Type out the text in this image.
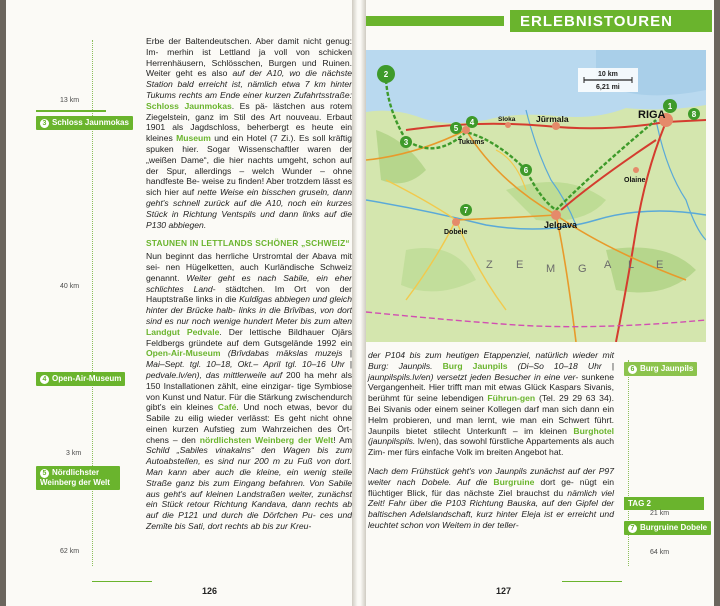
13 km
3 Schloss Jaunmokas
40 km
4 Open-Air-Museum
3 km
5 Nördlichster Weinberg der Welt
62 km

Erbe der Baltendeutschen. Aber damit nicht genug: Im- merhin ist Lettland ja voll von schicken Herrenhäusern, Schlösschen, Burgen und Ruinen. Weiter geht es also auf der A10, wo die nächste Station bald erreicht ist, nämlich etwa 7 km hinter Tukums rechts am Ende einer kurzen Zufahrtsstraße: Schloss Jaunmokas. Es pä- lästchen aus rotem Ziegelstein, ganz im Stil des Art nouveau. Erbaut 1901 als Jagdschloss, beherbergt es heute ein kleines Museum und ein Hotel (7 Zi.). Es soll kräftig spuken hier. Sogar Wissenschaftler waren der „weißen Dame“, die hier nachts umgeht, schon auf der Spur, allerdings – welch Wunder – ohne handfeste Be- weise zu finden! Aber trotzdem lässt es sich hier auf nette Weise ein bisschen gruseln, dann geht's schnell zurück auf die A10, noch ein kurzes Stück in Richtung Ventspils und dann links auf die P130 abbiegen.

STAUNEN IN LETTLANDS SCHÖNER „SCHWEIZ“

Nun beginnt das herrliche Urstromtal der Abava mit sei- nen Hügelketten, auch Kurländische Schweiz genannt. Weiter geht es nach Sabile, ein eher schlichtes Land- städtchen. Im Ort von der Hauptstraße links in die Kuldīgas abbiegen und gleich hinter der Brücke halb- links in die Brīvības, von dort sind es nur noch wenige hundert Meter bis zum alten Landgut Pedvale. Der lettische Bildhauer Ojārs Feldbergs gründete auf dem Gutsgelände 1992 ein Open-Air-Museum (Brīvdabas mākslas muzejs | Mai–Sept. tgl. 10–18, Okt.– April tgl. 10–16 Uhr | pedvale.lv/en), das mittlerweile auf 200 ha mehr als 150 Installationen zählt, eine einzigar- tige Symbiose von Kunst und Natur. Für die Stärkung zwischendurch gibt's ein kleines Café. Und noch etwas, bevor du Sabile zu eilig wieder verlässt: Es geht nicht ohne einen kurzen Aufstieg zum Wahrzeichen des Ört- chens – den nördlichsten Weinberg der Welt! Am Schild „Sabiles vinakalns“ den Wagen bis zum Autoabstellen, es sind nur 200 m zu Fuß von dort. Man kann aber auch die kleine, ein wenig steile Straße ganz bis zum Eingang befahren. Von Sabile aus geht's auf kleinen Landstraßen weiter, zunächst ein Stück retour Richtung Kandava, dann rechts ab auf die P121 und durch die Dörfchen Pu- ces und Zemīte bis Sati, dort rechts ab bis zur Kreu-

126
ERLEBNISTOUREN
10 km
6,21 mi
RIGA
Jūrmala
Tukums
Jelgava
Dobele
Olaine
Sloka
Z E M G A L E
1
2
3
4
5
6
7
8

der P104 bis zum heutigen Etappenziel, natürlich wieder mit Burg: Jaunpils. Burg Jaunpils (Di–So 10–18 Uhr | jaunpilspils.lv/en) versetzt jeden Besucher in eine ver- sunkene Vergangenheit. Hier trifft man mit etwas Glück Kaspars Sivanis, berühmt für seine lebendigen Führun-gen (Tel. 29 29 63 34). Bei Sivanis oder einem seiner Kollegen darf man sich dann ein Helm probieren, und man lernt, wie man ein Schwert führt. Jaunpils bietet stilecht Unterkunft – im kleinen Burghotel (jaunpilspils. lv/en), das sowohl fürstliche Appartements als auch Zim- mer fürs einfache Volk im breiten Angebot hat.

Nach dem Frühstück geht's von Jaunpils zunächst auf der P97 weiter nach Dobele. Auf die Burgruine dort ge- nügt ein flüchtiger Blick, für das nächste Ziel brauchst du nämlich viel Zeit! Fahr über die P103 Richtung Bauska, auf den Gipfel der baltischen Adelslandschaft, kurz hinter Eleja ist er erreicht und leuchtet schon von Weitem in der teller-

6 Burg Jaunpils
TAG 2
21 km
7 Burgruine Dobele
64 km
127
